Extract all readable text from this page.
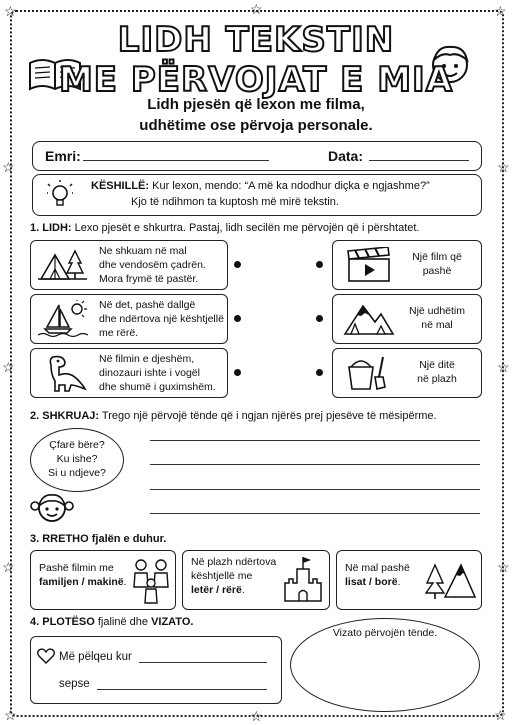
☆	☆
☆	☆
☆	☆
☆	☆
☆	☆
☆
☆
LIDH TEKSTIN
ME PËRVOJAT E MIA
Lidh pjesën që lexon me filma,
udhëtime ose përvoja personale.
Emri:	Data:
KËSHILLË: Kur lexon, mendo: “A më ka ndodhur diçka e ngjashme?”
Kjo të ndihmon ta kuptosh më mirë tekstin.
1. LIDH: Lexo pjesët e shkurtra. Pastaj, lidh secilën me përvojën që i përshtatet.
Ne shkuam në mal
dhe vendosëm çadrën.
Mora frymë të pastër.
Në det, pashë dallgë
dhe ndërtova një kështjellë
me rërë.
Në filmin e djeshëm,
dinozauri ishte i vogël
dhe shumë i guximshëm.
Një film që
pashë
Një udhëtim
në mal
Një ditë
në plazh
2. SHKRUAJ: Trego një përvojë tënde që i ngjan njërës prej pjesëve të mësipërme.
Çfarë bëre?
Ku ishe?
Si u ndjeve?
3. RRETHO fjalën e duhur.
Pashë filmin me
familjen / makinë.
Në plazh ndërtova
kështjellë me
letër / rërë.
Në mal pashë
lisat / borë.
4. PLOTËSO fjalinë dhe VIZATO.
Më pëlqeu kur
sepse
Vizato përvojën tënde.
